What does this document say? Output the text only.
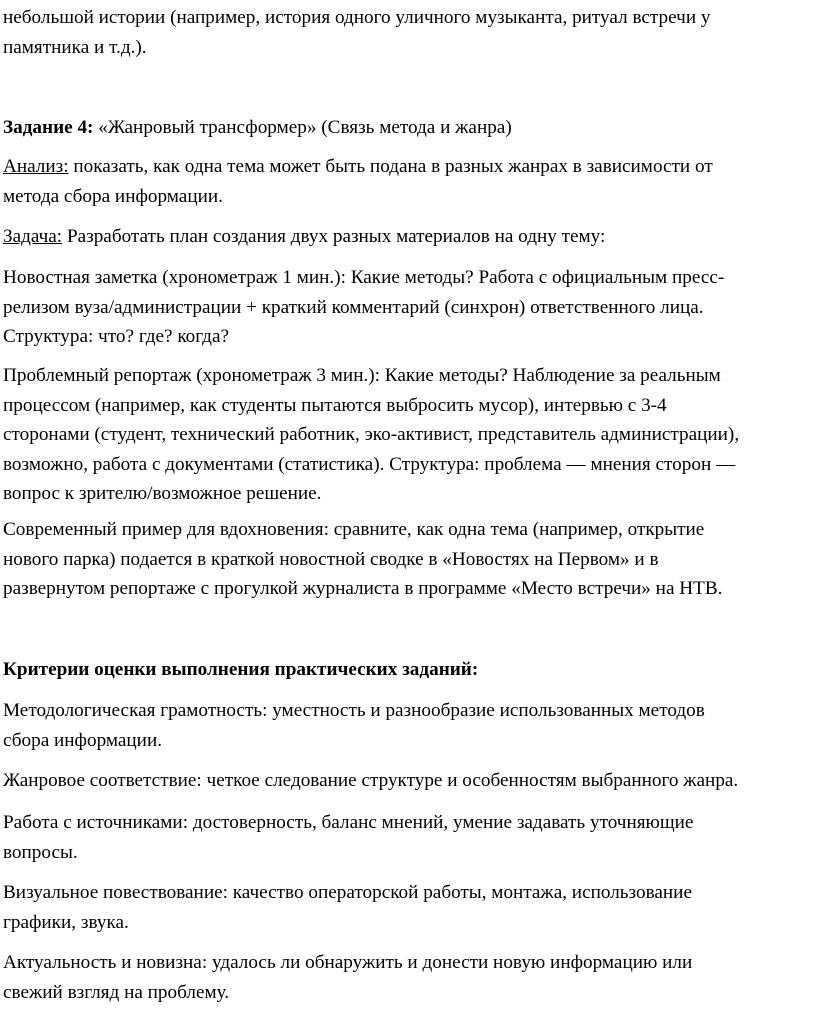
небольшой истории (например, история одного уличного музыканта, ритуал встречи у
памятника и т.д.).
Задание 4: «Жанровый трансформер» (Связь метода и жанра)
Анализ: показать, как одна тема может быть подана в разных жанрах в зависимости от
метода сбора информации.
Задача: Разработать план создания двух разных материалов на одну тему:
Новостная заметка (хронометраж 1 мин.): Какие методы? Работа с официальным пресс-
релизом вуза/администрации + краткий комментарий (синхрон) ответственного лица.
Структура: что? где? когда?
Проблемный репортаж (хронометраж 3 мин.): Какие методы? Наблюдение за реальным
процессом (например, как студенты пытаются выбросить мусор), интервью с 3-4
сторонами (студент, технический работник, эко-активист, представитель администрации),
возможно, работа с документами (статистика). Структура: проблема — мнения сторон —
вопрос к зрителю/возможное решение.
Современный пример для вдохновения: сравните, как одна тема (например, открытие
нового парка) подается в краткой новостной сводке в «Новостях на Первом» и в
развернутом репортаже с прогулкой журналиста в программе «Место встречи» на НТВ.
Критерии оценки выполнения практических заданий:
Методологическая грамотность: уместность и разнообразие использованных методов
сбора информации.
Жанровое соответствие: четкое следование структуре и особенностям выбранного жанра.
Работа с источниками: достоверность, баланс мнений, умение задавать уточняющие
вопросы.
Визуальное повествование: качество операторской работы, монтажа, использование
графики, звука.
Актуальность и новизна: удалось ли обнаружить и донести новую информацию или
свежий взгляд на проблему.
